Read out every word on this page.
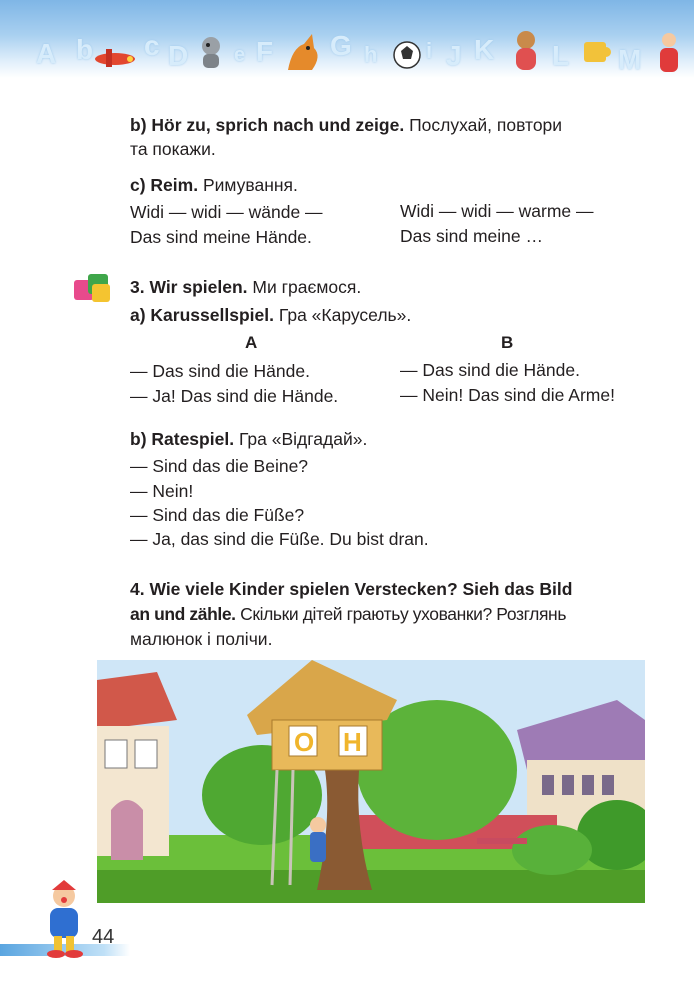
A b c D e F G h i J K L M
b) Hör zu, sprich nach und zeige. Послухай, повтори
та покажи.
c) Reim. Римування.
Widi — widi — wände —
Das sind meine Hände.
Widi — widi — warme —
Das sind meine …
3. Wir spielen. Ми граємося.
a) Karussellspiel. Гра «Карусель».
A	B
— Das sind die Hände.
— Ja! Das sind die Hände.
— Das sind die Hände.
— Nein! Das sind die Arme!
b) Ratespiel. Гра «Відгадай».
— Sind das die Beine?
— Nein!
— Sind das die Füße?
— Ja, das sind die Füße. Du bist dran.
4. Wie viele Kinder spielen Verstecken? Sieh das Bild
an und zähle. Скільки дітей граютьу ухованки? Розглянь
малюнок і полічи.
O H
44
